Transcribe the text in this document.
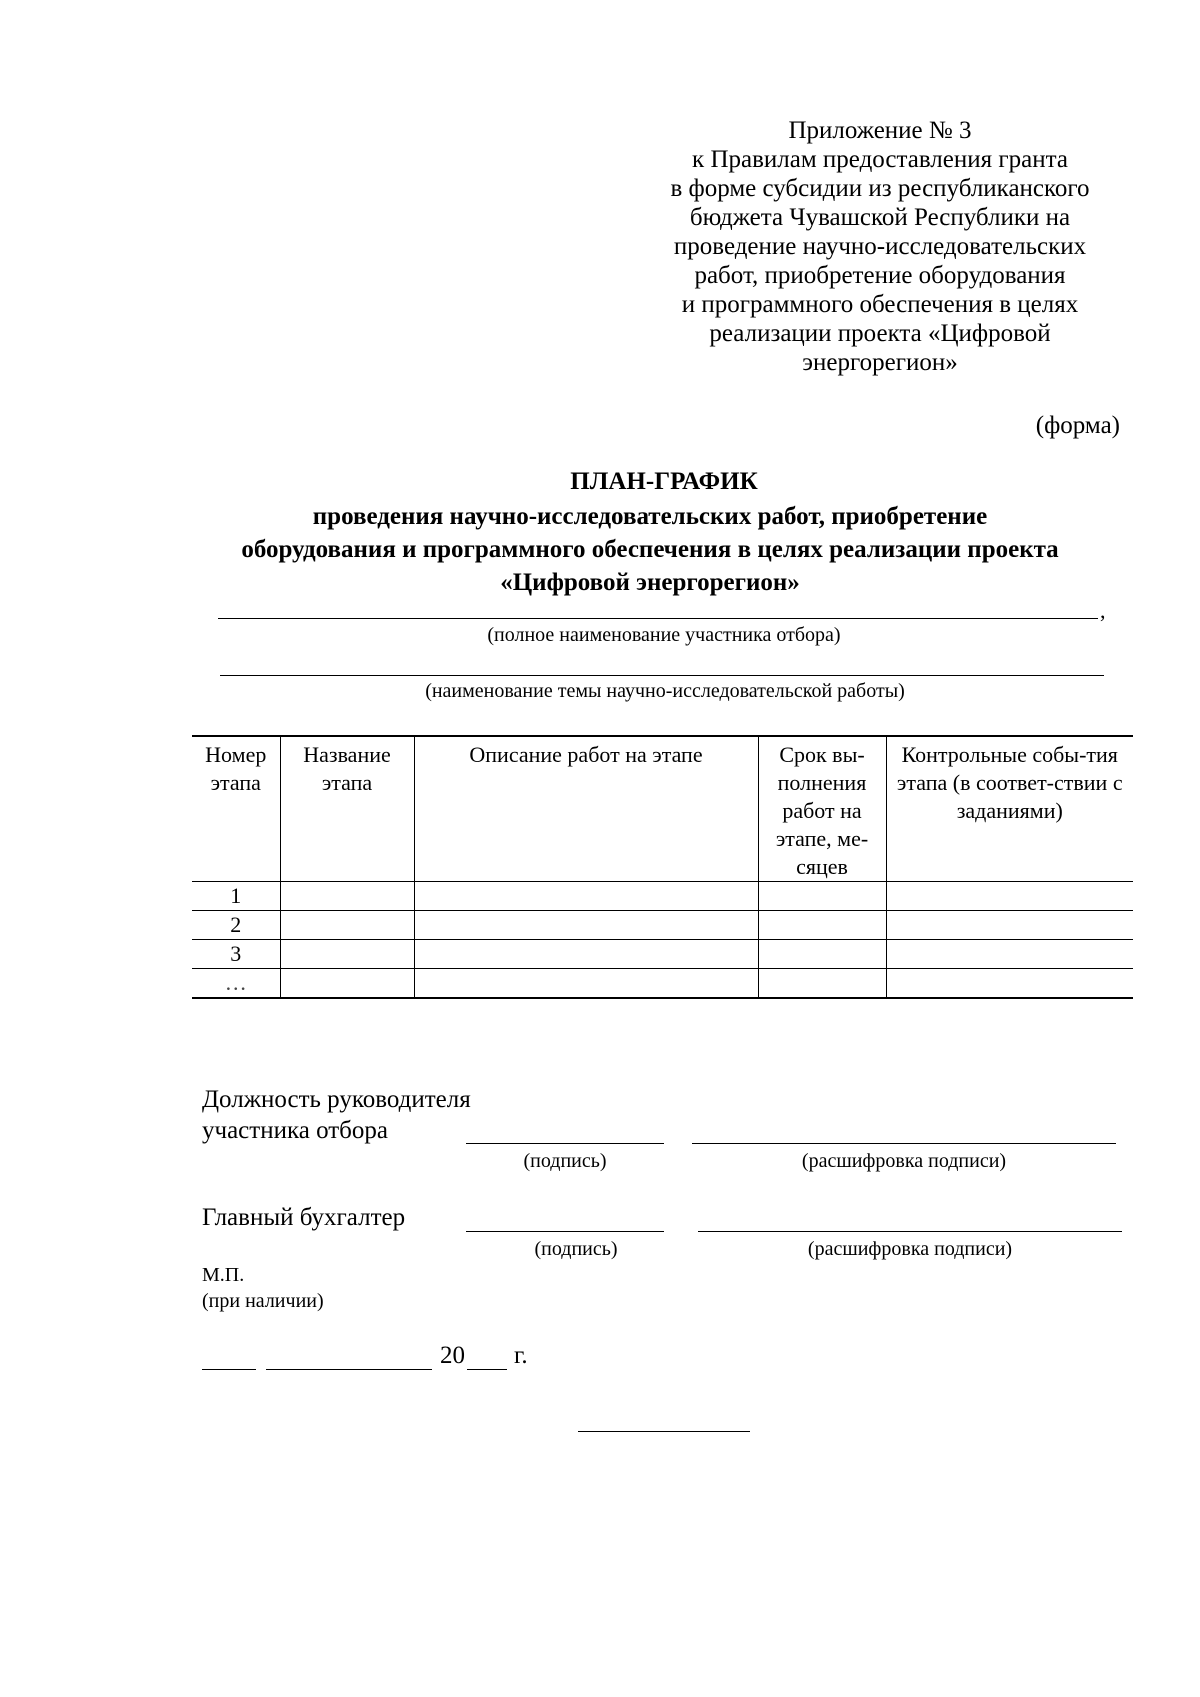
Приложение № 3
к Правилам предоставления гранта
в форме субсидии из республиканского
бюджета Чувашской Республики на
проведение научно-исследовательских
работ, приобретение оборудования
и программного обеспечения в целях
реализации проекта «Цифровой
энергорегион»
(форма)
ПЛАН-ГРАФИК
проведения научно-исследовательских работ, приобретение
оборудования и программного обеспечения в целях реализации проекта
«Цифровой энергорегион»
,
(полное наименование участника отбора)
(наименование темы научно-исследовательской работы)
Номер этапа	Название этапа	Описание работ на этапе	Срок вы-полнения работ на этапе, ме-сяцев	Контрольные собы-тия этапа (в соответ-ствии с заданиями)
1				
2				
3				
…				
Должность руководителя
участника отбора
(подпись)	(расшифровка подписи)
Главный бухгалтер
(подпись)	(расшифровка подписи)
М.П.
(при наличии)
20 г.
